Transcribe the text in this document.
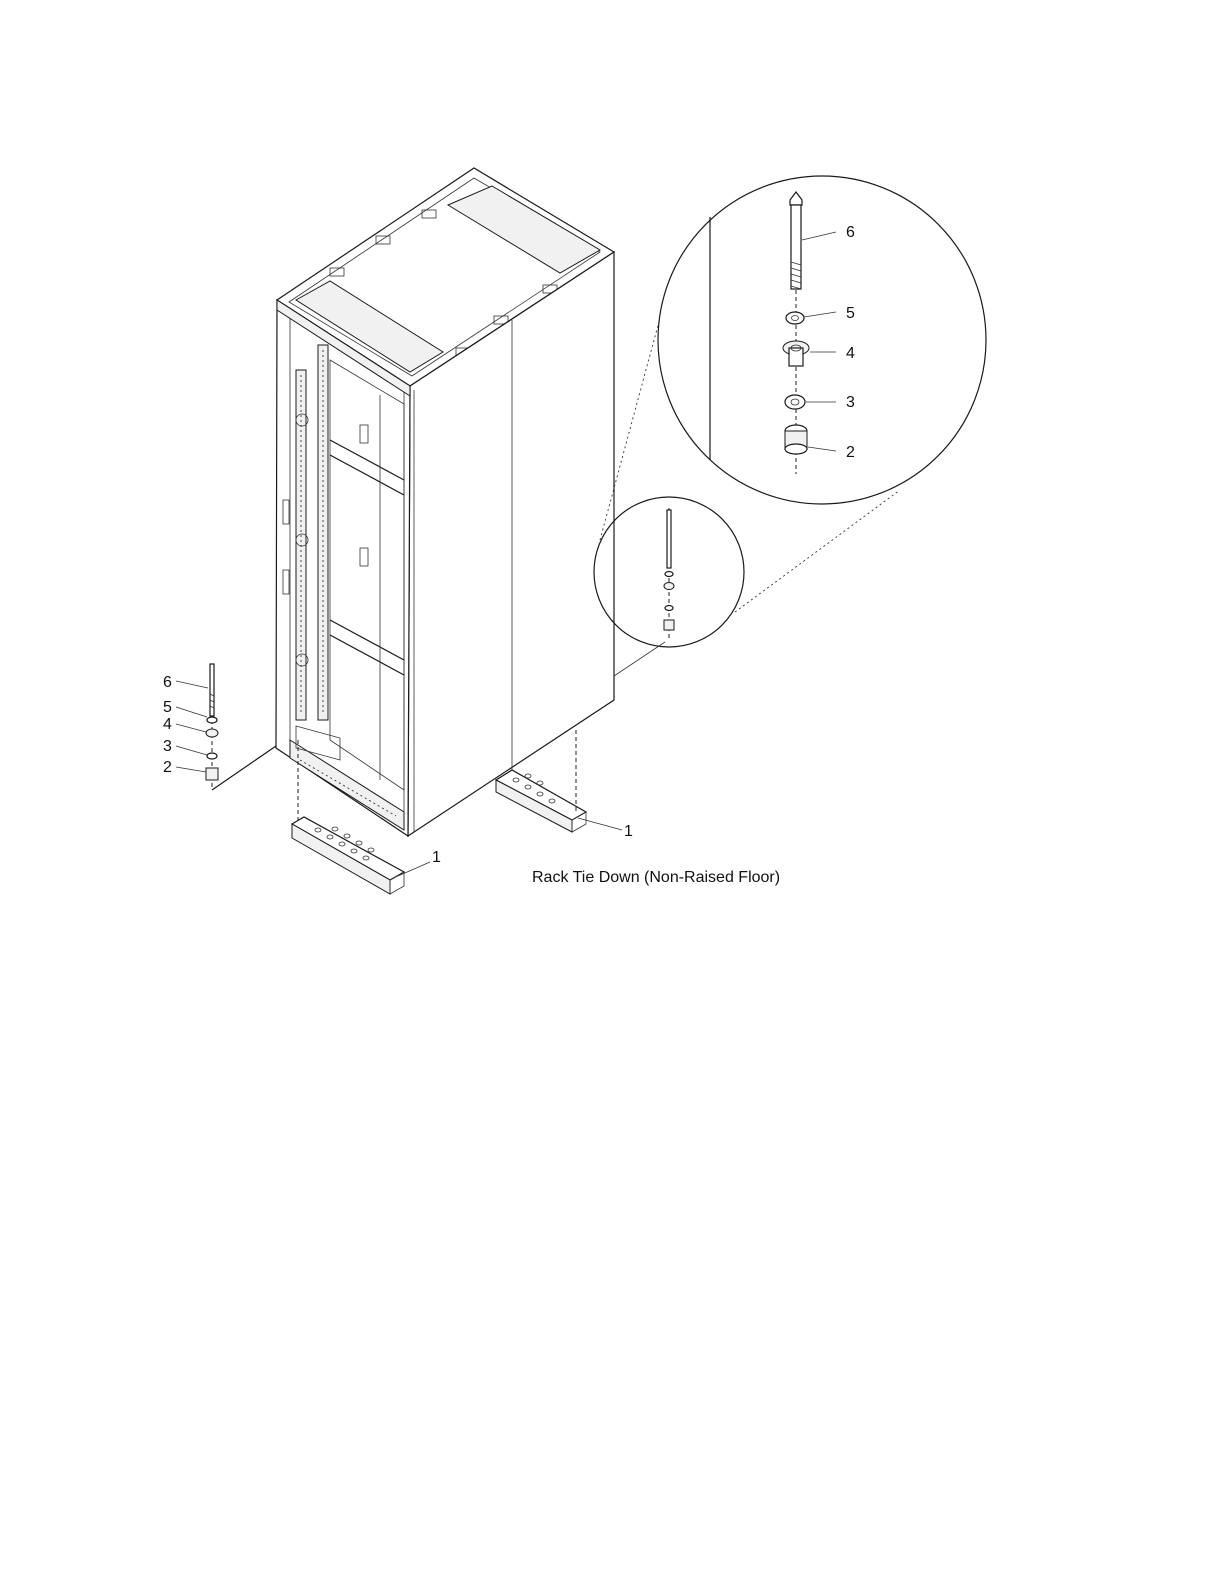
6
5
4
3
2
1
1
6
5
4
3
2
Rack Tie Down (Non-Raised Floor)
